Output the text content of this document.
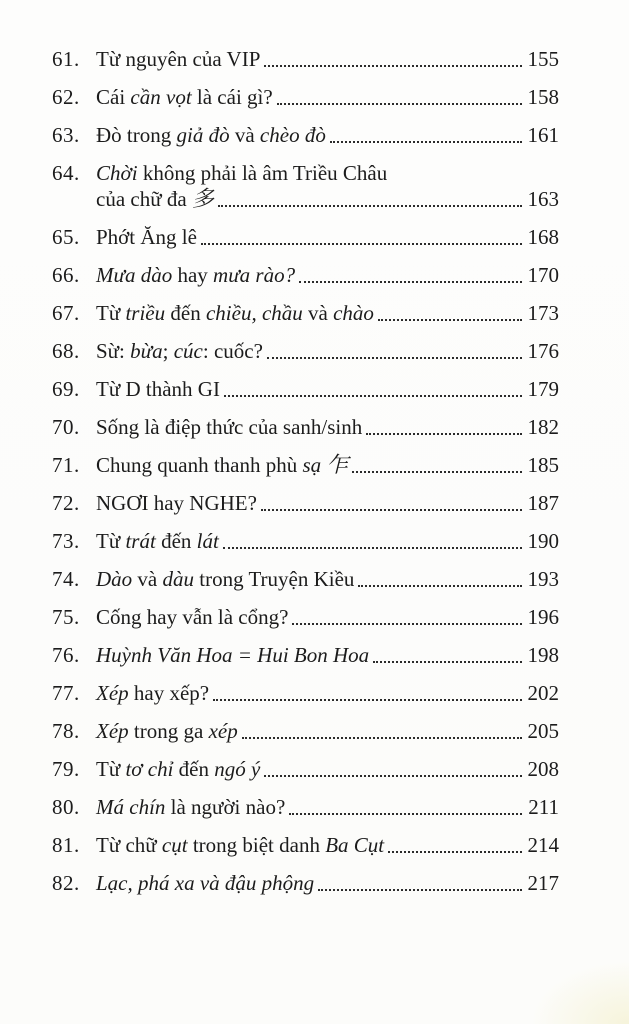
61. Từ nguyên của VIP	155
62. Cái cần vọt là cái gì?	158
63. Đò trong giả đò và chèo đò	161
64. Chời không phải là âm Triều Châu
của chữ đa 多	163
65. Phớt Ăng lê	168
66. Mưa dào hay mưa rào?	170
67. Từ triều đến chiều, chầu và chào	173
68. Sừ: bừa; cúc: cuốc?	176
69. Từ D thành GI	179
70. Sống là điệp thức của sanh/sinh	182
71. Chung quanh thanh phù sạ 乍	185
72. NGƠI hay NGHE?	187
73. Từ trát đến lát	190
74. Dào và dàu trong Truyện Kiều	193
75. Cống hay vẫn là cổng?	196
76. Huỳnh Văn Hoa = Hui Bon Hoa	198
77. Xép hay xếp?	202
78. Xép trong ga xép	205
79. Từ tơ chỉ đến ngó ý	208
80. Má chín là người nào?	211
81. Từ chữ cụt trong biệt danh Ba Cụt	214
82. Lạc, phá xa và đậu phộng	217
